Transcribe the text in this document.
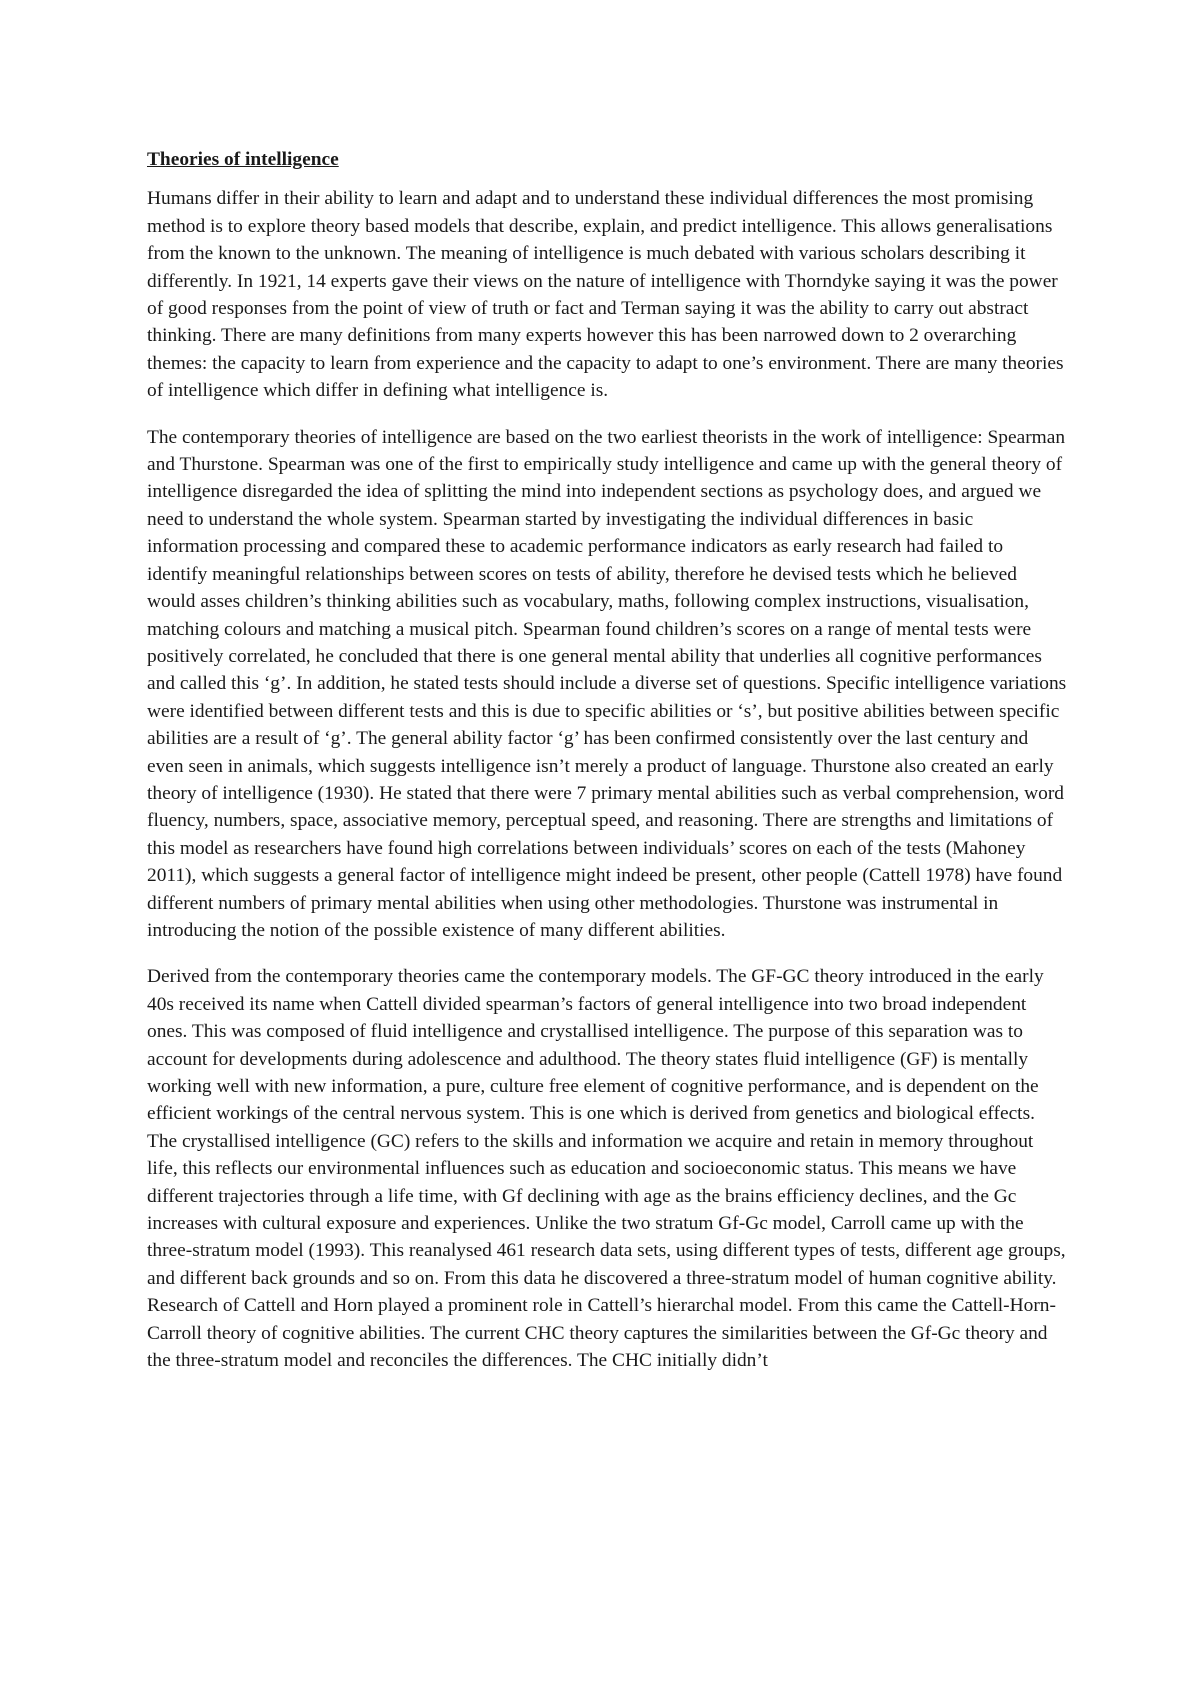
Theories of intelligence

Humans differ in their ability to learn and adapt and to understand these individual differences the most promising method is to explore theory based models that describe, explain, and predict intelligence. This allows generalisations from the known to the unknown. The meaning of intelligence is much debated with various scholars describing it differently. In 1921, 14 experts gave their views on the nature of intelligence with Thorndyke saying it was the power of good responses from the point of view of truth or fact and Terman saying it was the ability to carry out abstract thinking. There are many definitions from many experts however this has been narrowed down to 2 overarching themes: the capacity to learn from experience and the capacity to adapt to one’s environment. There are many theories of intelligence which differ in defining what intelligence is.

The contemporary theories of intelligence are based on the two earliest theorists in the work of intelligence: Spearman and Thurstone. Spearman was one of the first to empirically study intelligence and came up with the general theory of intelligence disregarded the idea of splitting the mind into independent sections as psychology does, and argued we need to understand the whole system. Spearman started by investigating the individual differences in basic information processing and compared these to academic performance indicators as early research had failed to identify meaningful relationships between scores on tests of ability, therefore he devised tests which he believed would asses children’s thinking abilities such as vocabulary, maths, following complex instructions, visualisation, matching colours and matching a musical pitch. Spearman found children’s scores on a range of mental tests were positively correlated, he concluded that there is one general mental ability that underlies all cognitive performances and called this ‘g’. In addition, he stated tests should include a diverse set of questions. Specific intelligence variations were identified between different tests and this is due to specific abilities or ‘s’, but positive abilities between specific abilities are a result of ‘g’. The general ability factor ‘g’ has been confirmed consistently over the last century and even seen in animals, which suggests intelligence isn’t merely a product of language. Thurstone also created an early theory of intelligence (1930). He stated that there were 7 primary mental abilities such as verbal comprehension, word fluency, numbers, space, associative memory, perceptual speed, and reasoning. There are strengths and limitations of this model as researchers have found high correlations between individuals’ scores on each of the tests (Mahoney 2011), which suggests a general factor of intelligence might indeed be present, other people (Cattell 1978) have found different numbers of primary mental abilities when using other methodologies. Thurstone was instrumental in introducing the notion of the possible existence of many different abilities.

Derived from the contemporary theories came the contemporary models. The GF-GC theory introduced in the early 40s received its name when Cattell divided spearman’s factors of general intelligence into two broad independent ones. This was composed of fluid intelligence and crystallised intelligence. The purpose of this separation was to account for developments during adolescence and adulthood. The theory states fluid intelligence (GF) is mentally working well with new information, a pure, culture free element of cognitive performance, and is dependent on the efficient workings of the central nervous system. This is one which is derived from genetics and biological effects. The crystallised intelligence (GC) refers to the skills and information we acquire and retain in memory throughout life, this reflects our environmental influences such as education and socioeconomic status. This means we have different trajectories through a life time, with Gf declining with age as the brains efficiency declines, and the Gc increases with cultural exposure and experiences. Unlike the two stratum Gf-Gc model, Carroll came up with the three-stratum model (1993). This reanalysed 461 research data sets, using different types of tests, different age groups, and different back grounds and so on. From this data he discovered a three-stratum model of human cognitive ability. Research of Cattell and Horn played a prominent role in Cattell’s hierarchal model. From this came the Cattell-Horn-Carroll theory of cognitive abilities. The current CHC theory captures the similarities between the Gf-Gc theory and the three-stratum model and reconciles the differences. The CHC initially didn’t
